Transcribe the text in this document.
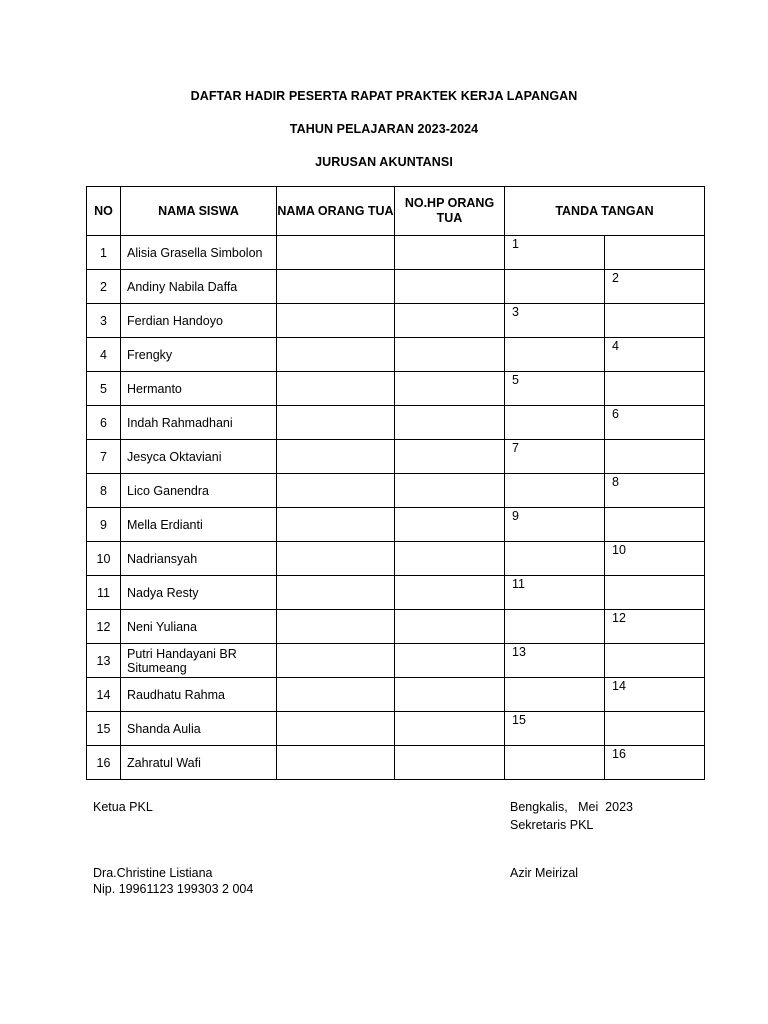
DAFTAR HADIR PESERTA RAPAT PRAKTEK KERJA LAPANGAN
TAHUN PELAJARAN 2023-2024
JURUSAN AKUNTANSI
NO	NAMA SISWA	NAMA ORANG TUA	NO.HP ORANG TUA	TANDA TANGAN	
1	Alisia Grasella Simbolon			1	
2	Andiny Nabila Daffa				2
3	Ferdian Handoyo			3	
4	Frengky				4
5	Hermanto			5	
6	Indah Rahmadhani				6
7	Jesyca Oktaviani			7	
8	Lico Ganendra				8
9	Mella Erdianti			9	
10	Nadriansyah				10
11	Nadya Resty			11	
12	Neni Yuliana				12
13	Putri Handayani BR Situmeang			13	
14	Raudhatu Rahma				14
15	Shanda Aulia			15	
16	Zahratul Wafi				16
Ketua PKL
Dra.Christine Listiana
Nip. 19961123 199303 2 004
Bengkalis,   Mei  2023
Sekretaris PKL
Azir Meirizal
